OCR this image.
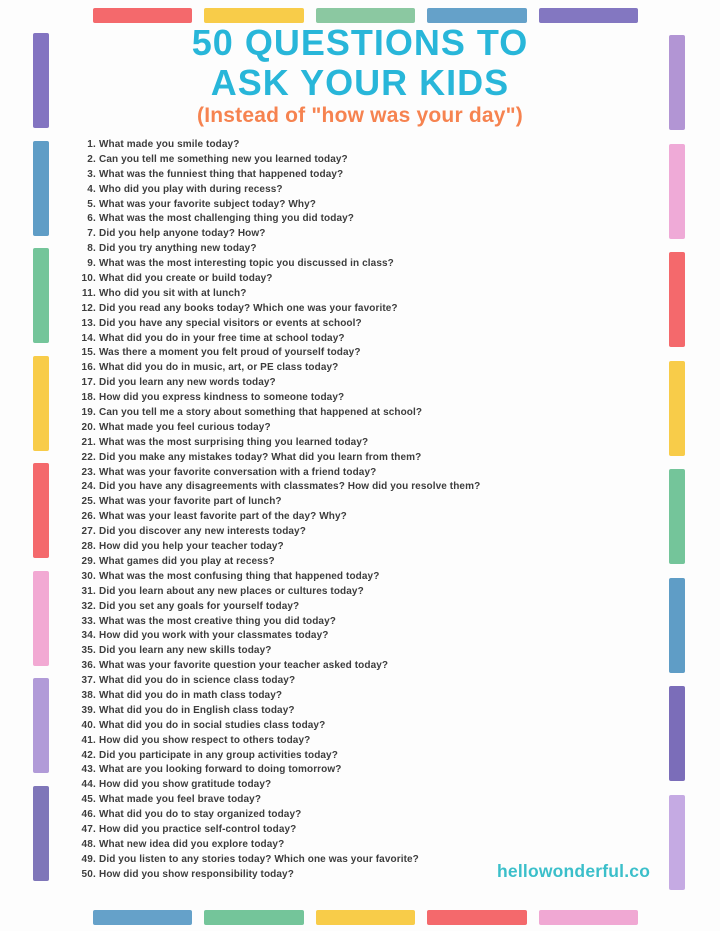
50 QUESTIONS TO
ASK YOUR KIDS
(Instead of "how was your day")
1. What made you smile today?
2. Can you tell me something new you learned today?
3. What was the funniest thing that happened today?
4. Who did you play with during recess?
5. What was your favorite subject today? Why?
6. What was the most challenging thing you did today?
7. Did you help anyone today? How?
8. Did you try anything new today?
9. What was the most interesting topic you discussed in class?
10. What did you create or build today?
11. Who did you sit with at lunch?
12. Did you read any books today? Which one was your favorite?
13. Did you have any special visitors or events at school?
14. What did you do in your free time at school today?
15. Was there a moment you felt proud of yourself today?
16. What did you do in music, art, or PE class today?
17. Did you learn any new words today?
18. How did you express kindness to someone today?
19. Can you tell me a story about something that happened at school?
20. What made you feel curious today?
21. What was the most surprising thing you learned today?
22. Did you make any mistakes today? What did you learn from them?
23. What was your favorite conversation with a friend today?
24. Did you have any disagreements with classmates? How did you resolve them?
25. What was your favorite part of lunch?
26. What was your least favorite part of the day? Why?
27. Did you discover any new interests today?
28. How did you help your teacher today?
29. What games did you play at recess?
30. What was the most confusing thing that happened today?
31. Did you learn about any new places or cultures today?
32. Did you set any goals for yourself today?
33. What was the most creative thing you did today?
34. How did you work with your classmates today?
35. Did you learn any new skills today?
36. What was your favorite question your teacher asked today?
37. What did you do in science class today?
38. What did you do in math class today?
39. What did you do in English class today?
40. What did you do in social studies class today?
41. How did you show respect to others today?
42. Did you participate in any group activities today?
43. What are you looking forward to doing tomorrow?
44. How did you show gratitude today?
45. What made you feel brave today?
46. What did you do to stay organized today?
47. How did you practice self-control today?
48. What new idea did you explore today?
49. Did you listen to any stories today? Which one was your favorite?
50. How did you show responsibility today?	hellowonderful.co
